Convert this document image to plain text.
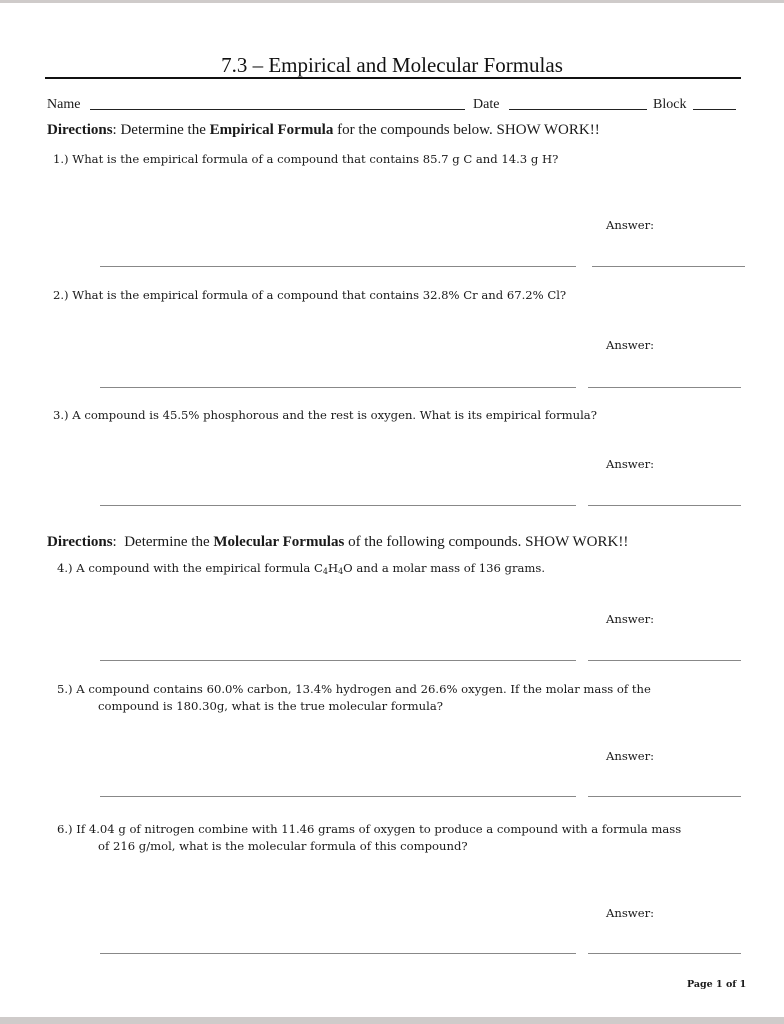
7.3 – Empirical and Molecular Formulas
Name	Date	Block
Directions: Determine the Empirical Formula for the compounds below. SHOW WORK!!
1.) What is the empirical formula of a compound that contains 85.7 g C and 14.3 g H?
Answer:
2.) What is the empirical formula of a compound that contains 32.8% Cr and 67.2% Cl?
Answer:
3.) A compound is 45.5% phosphorous and the rest is oxygen. What is its empirical formula?
Answer:
Directions:  Determine the Molecular Formulas of the following compounds. SHOW WORK!!
4.) A compound with the empirical formula $C_4H_4O$ and a molar mass of 136 grams.
Answer:
5.) A compound contains 60.0% carbon, 13.4% hydrogen and 26.6% oxygen. If the molar mass of the
compound is 180.30g, what is the true molecular formula?
Answer:
6.) If 4.04 g of nitrogen combine with 11.46 grams of oxygen to produce a compound with a formula mass
of 216 g/mol, what is the molecular formula of this compound?
Answer:
Page 1 of 1
